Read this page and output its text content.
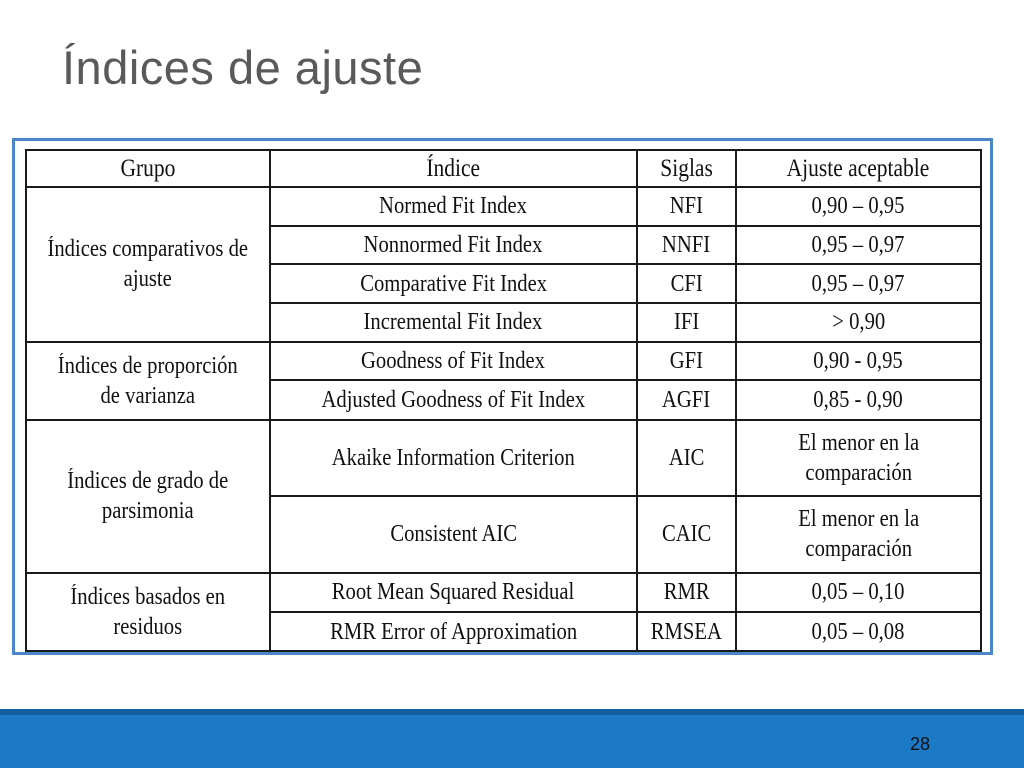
Índices de ajuste
Grupo	Índice	Siglas	Ajuste aceptable
Índices comparativos de ajuste	Normed Fit Index	NFI	0,90 – 0,95
	Nonnormed Fit Index	NNFI	0,95 – 0,97
	Comparative Fit Index	CFI	0,95 – 0,97
	Incremental Fit Index	IFI	> 0,90
Índices de proporción de varianza	Goodness of Fit Index	GFI	0,90 - 0,95
	Adjusted Goodness of Fit Index	AGFI	0,85 - 0,90
Índices de grado de parsimonia	Akaike Information Criterion	AIC	El menor en la comparación
	Consistent AIC	CAIC	El menor en la comparación
Índices basados en residuos	Root Mean Squared Residual	RMR	0,05 – 0,10
	RMR Error of Approximation	RMSEA	0,05 – 0,08
28
